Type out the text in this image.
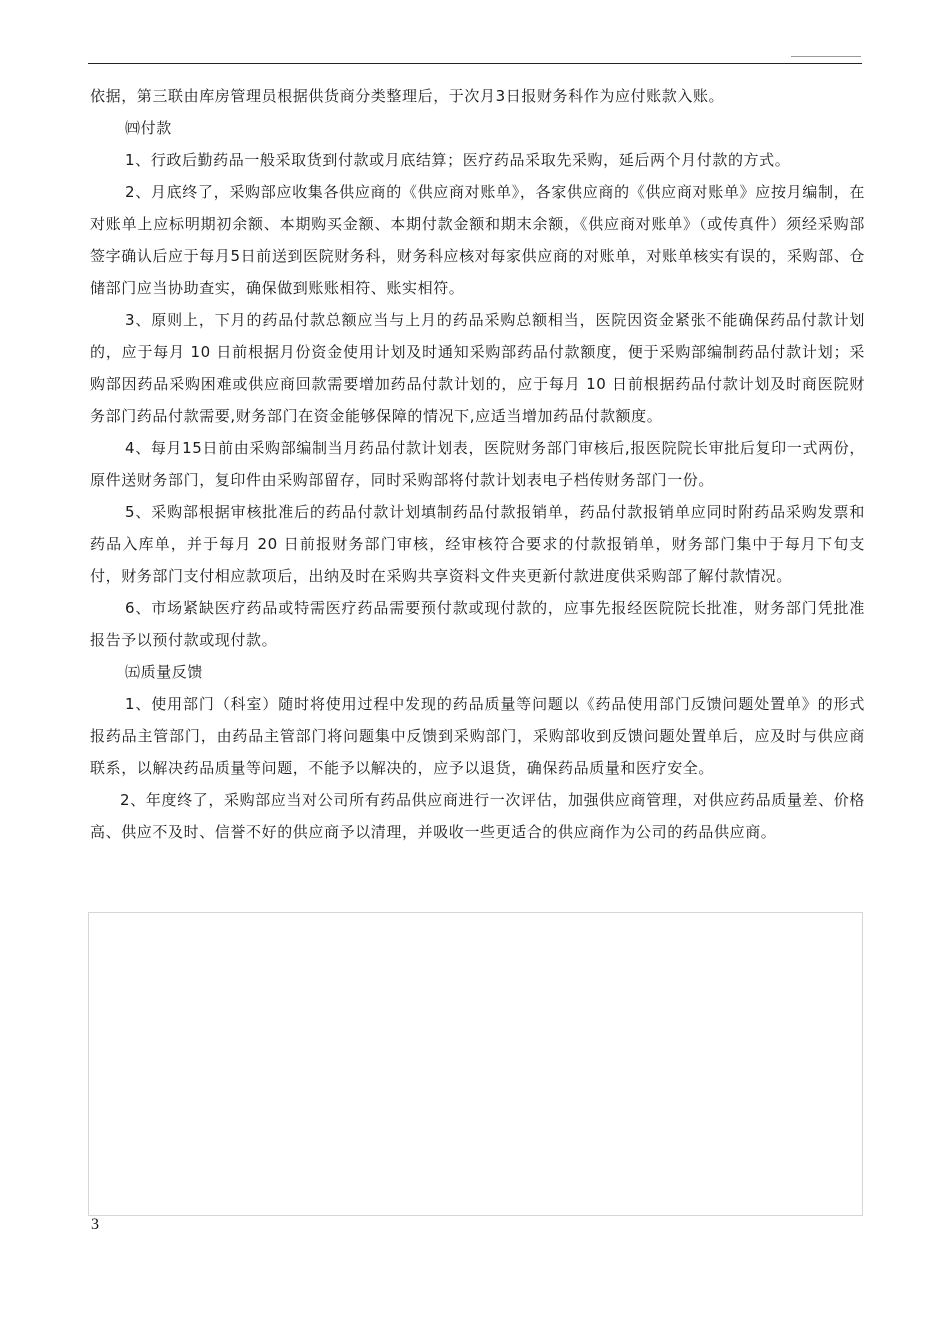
依据，第三联由库房管理员根据供货商分类整理后，于次月3日报财务科作为应付账款入账。

㈣付款

1、行政后勤药品一般采取货到付款或月底结算；医疗药品采取先采购，延后两个月付款的方式。

2、月底终了，采购部应收集各供应商的《供应商对账单》，各家供应商的《供应商对账单》应按月编制，在对账单上应标明期初余额、本期购买金额、本期付款金额和期末余额，《供应商对账单》（或传真件）须经采购部签字确认后应于每月5日前送到医院财务科，财务科应核对每家供应商的对账单，对账单核实有误的，采购部、仓储部门应当协助查实，确保做到账账相符、账实相符。

3、原则上，下月的药品付款总额应当与上月的药品采购总额相当，医院因资金紧张不能确保药品付款计划的，应于每月 10 日前根据月份资金使用计划及时通知采购部药品付款额度，便于采购部编制药品付款计划；采购部因药品采购困难或供应商回款需要增加药品付款计划的，应于每月 10 日前根据药品付款计划及时商医院财务部门药品付款需要,财务部门在资金能够保障的情况下,应适当增加药品付款额度。

4、每月15日前由采购部编制当月药品付款计划表，医院财务部门审核后,报医院院长审批后复印一式两份，原件送财务部门，复印件由采购部留存，同时采购部将付款计划表电子档传财务部门一份。

5、采购部根据审核批准后的药品付款计划填制药品付款报销单，药品付款报销单应同时附药品采购发票和药品入库单，并于每月 20 日前报财务部门审核，经审核符合要求的付款报销单，财务部门集中于每月下旬支付，财务部门支付相应款项后，出纳及时在采购共享资料文件夹更新付款进度供采购部了解付款情况。

6、市场紧缺医疗药品或特需医疗药品需要预付款或现付款的，应事先报经医院院长批准，财务部门凭批准报告予以预付款或现付款。

㈤质量反馈

1、使用部门（科室）随时将使用过程中发现的药品质量等问题以《药品使用部门反馈问题处置单》的形式报药品主管部门，由药品主管部门将问题集中反馈到采购部门，采购部收到反馈问题处置单后，应及时与供应商联系，以解决药品质量等问题，不能予以解决的，应予以退货，确保药品质量和医疗安全。

2、年度终了，采购部应当对公司所有药品供应商进行一次评估，加强供应商管理，对供应药品质量差、价格高、供应不及时、信誉不好的供应商予以清理，并吸收一些更适合的供应商作为公司的药品供应商。

3
